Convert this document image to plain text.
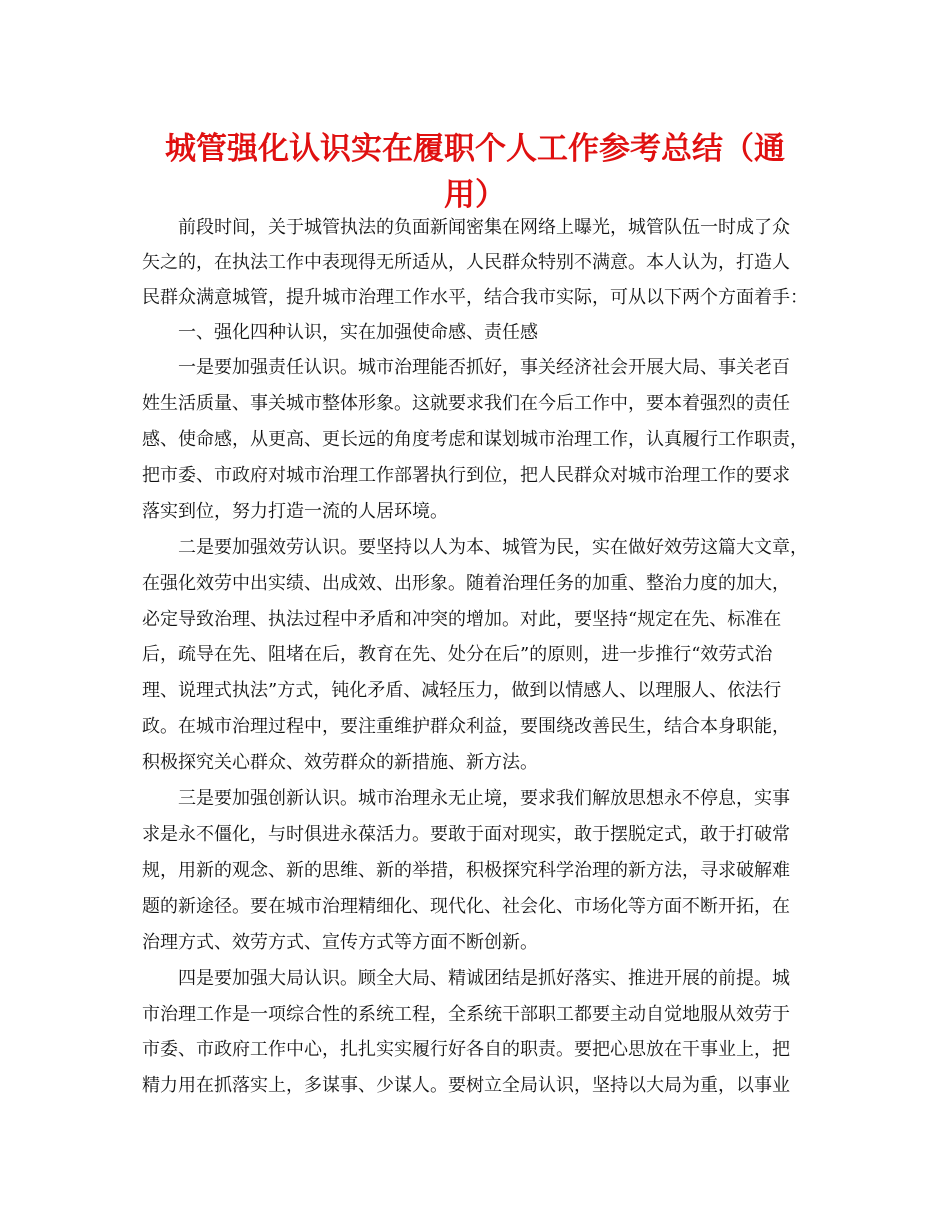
城管强化认识实在履职个人工作参考总结（通
用）
前段时间，关于城管执法的负面新闻密集在网络上曝光，城管队伍一时成了众
矢之的，在执法工作中表现得无所适从，人民群众特别不满意。本人认为，打造人
民群众满意城管，提升城市治理工作水平，结合我市实际，可从以下两个方面着手：
一、强化四种认识，实在加强使命感、责任感
一是要加强责任认识。城市治理能否抓好，事关经济社会开展大局、事关老百
姓生活质量、事关城市整体形象。这就要求我们在今后工作中，要本着强烈的责任
感、使命感，从更高、更长远的角度考虑和谋划城市治理工作，认真履行工作职责，
把市委、市政府对城市治理工作部署执行到位，把人民群众对城市治理工作的要求
落实到位，努力打造一流的人居环境。
二是要加强效劳认识。要坚持以人为本、城管为民，实在做好效劳这篇大文章，
在强化效劳中出实绩、出成效、出形象。随着治理任务的加重、整治力度的加大，
必定导致治理、执法过程中矛盾和冲突的增加。对此，要坚持“规定在先、标准在
后，疏导在先、阻堵在后，教育在先、处分在后”的原则，进一步推行“效劳式治
理、说理式执法”方式，钝化矛盾、减轻压力，做到以情感人、以理服人、依法行
政。在城市治理过程中，要注重维护群众利益，要围绕改善民生，结合本身职能，
积极探究关心群众、效劳群众的新措施、新方法。
三是要加强创新认识。城市治理永无止境，要求我们解放思想永不停息，实事
求是永不僵化，与时俱进永葆活力。要敢于面对现实，敢于摆脱定式，敢于打破常
规，用新的观念、新的思维、新的举措，积极探究科学治理的新方法，寻求破解难
题的新途径。要在城市治理精细化、现代化、社会化、市场化等方面不断开拓，在
治理方式、效劳方式、宣传方式等方面不断创新。
四是要加强大局认识。顾全大局、精诚团结是抓好落实、推进开展的前提。城
市治理工作是一项综合性的系统工程，全系统干部职工都要主动自觉地服从效劳于
市委、市政府工作中心，扎扎实实履行好各自的职责。要把心思放在干事业上，把
精力用在抓落实上，多谋事、少谋人。要树立全局认识，坚持以大局为重，以事业
